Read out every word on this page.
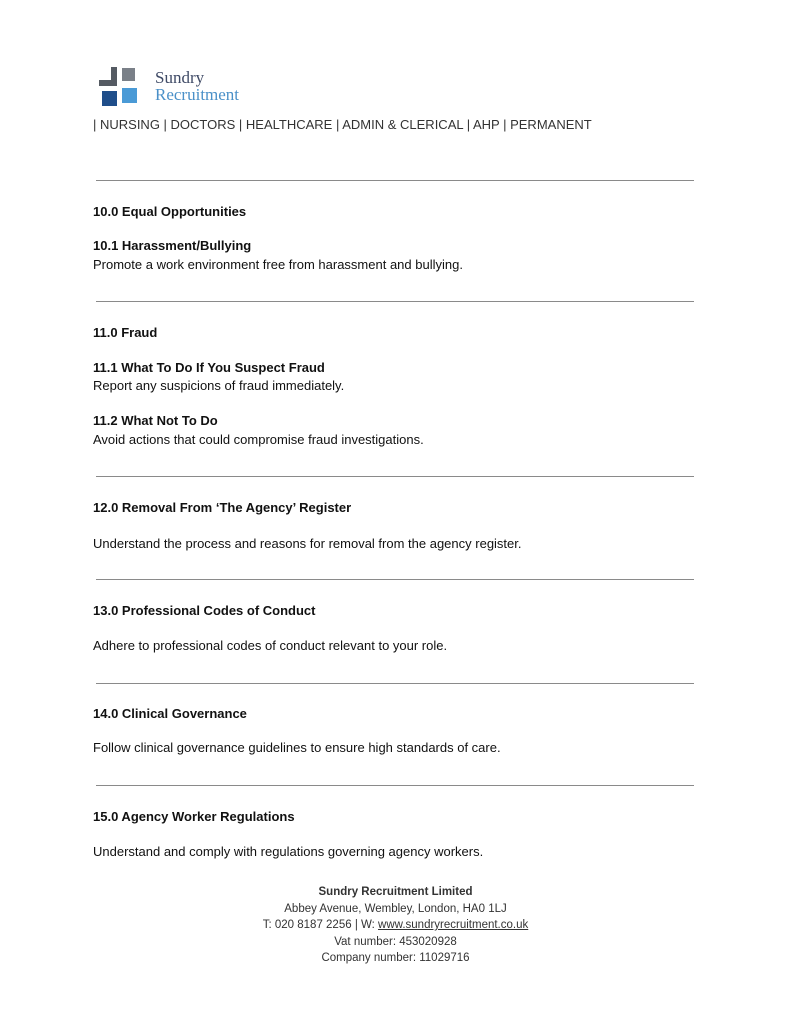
Sundry
Recruitment
| NURSING | DOCTORS | HEALTHCARE | ADMIN & CLERICAL | AHP | PERMANENT
10.0 Equal Opportunities
10.1 Harassment/Bullying
Promote a work environment free from harassment and bullying.
11.0 Fraud
11.1 What To Do If You Suspect Fraud
Report any suspicions of fraud immediately.
11.2 What Not To Do
Avoid actions that could compromise fraud investigations.
12.0 Removal From ‘The Agency’ Register
Understand the process and reasons for removal from the agency register.
13.0 Professional Codes of Conduct
Adhere to professional codes of conduct relevant to your role.
14.0 Clinical Governance
Follow clinical governance guidelines to ensure high standards of care.
15.0 Agency Worker Regulations
Understand and comply with regulations governing agency workers.
Sundry Recruitment Limited
Abbey Avenue, Wembley, London, HA0 1LJ
T: 020 8187 2256 | W: www.sundryrecruitment.co.uk
Vat number: 453020928
Company number: 11029716
